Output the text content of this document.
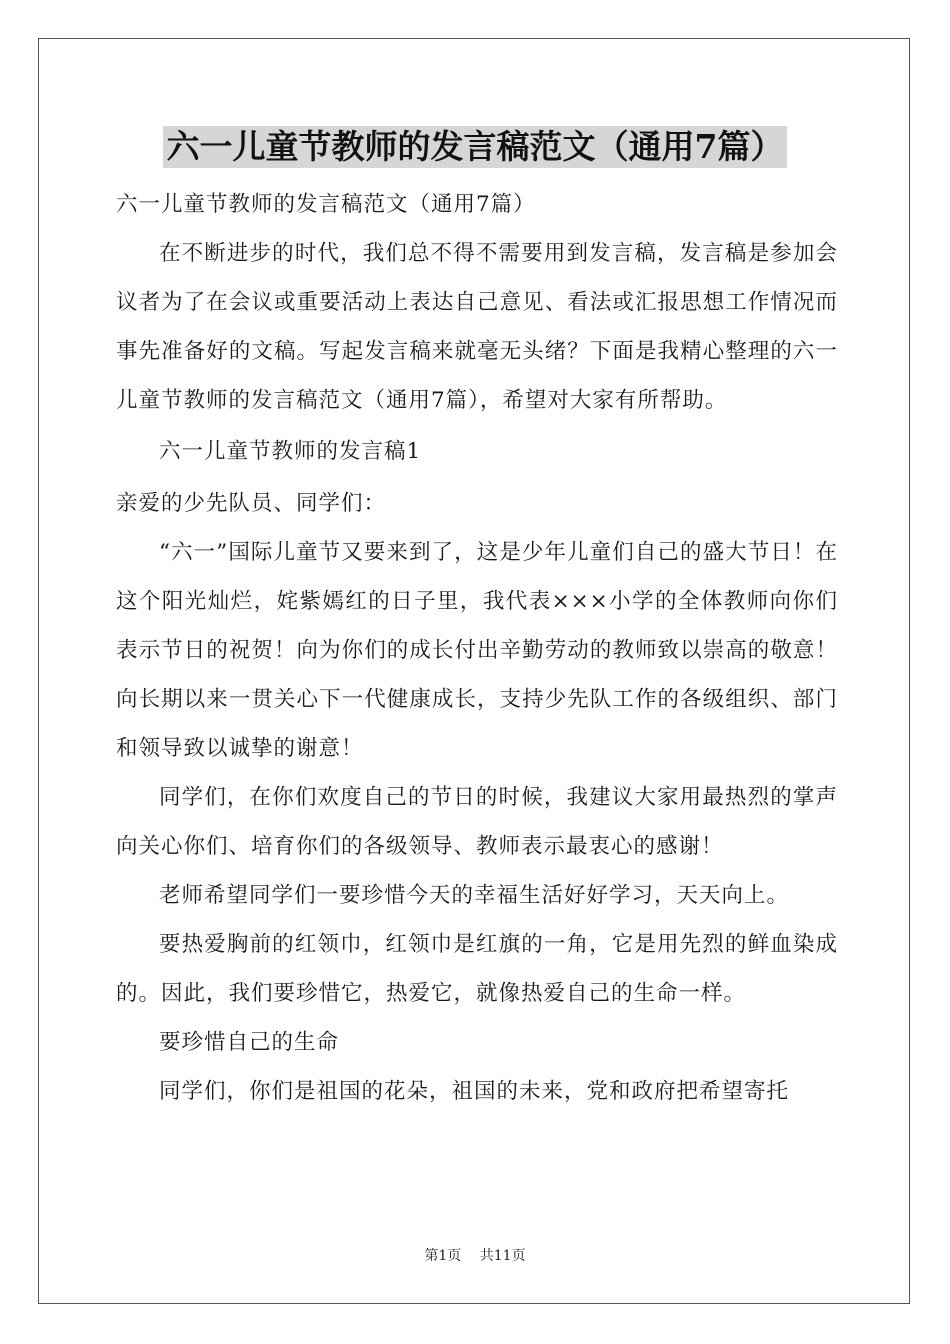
六一儿童节教师的发言稿范文（通用7篇）

六一儿童节教师的发言稿范文（通用7篇）

在不断进步的时代，我们总不得不需要用到发言稿，发言稿是参加会议者为了在会议或重要活动上表达自己意见、看法或汇报思想工作情况而事先准备好的文稿。写起发言稿来就毫无头绪？下面是我精心整理的六一儿童节教师的发言稿范文（通用7篇），希望对大家有所帮助。

六一儿童节教师的发言稿1

亲爱的少先队员、同学们：

“六一”国际儿童节又要来到了，这是少年儿童们自己的盛大节日！在这个阳光灿烂，姹紫嫣红的日子里，我代表×××小学的全体教师向你们表示节日的祝贺！向为你们的成长付出辛勤劳动的教师致以崇高的敬意！向长期以来一贯关心下一代健康成长，支持少先队工作的各级组织、部门和领导致以诚挚的谢意！

同学们，在你们欢度自己的节日的时候，我建议大家用最热烈的掌声向关心你们、培育你们的各级领导、教师表示最衷心的感谢！

老师希望同学们一要珍惜今天的幸福生活好好学习，天天向上。

要热爱胸前的红领巾，红领巾是红旗的一角，它是用先烈的鲜血染成的。因此，我们要珍惜它，热爱它，就像热爱自己的生命一样。

要珍惜自己的生命

同学们，你们是祖国的花朵，祖国的未来，党和政府把希望寄托

第1页 共11页
